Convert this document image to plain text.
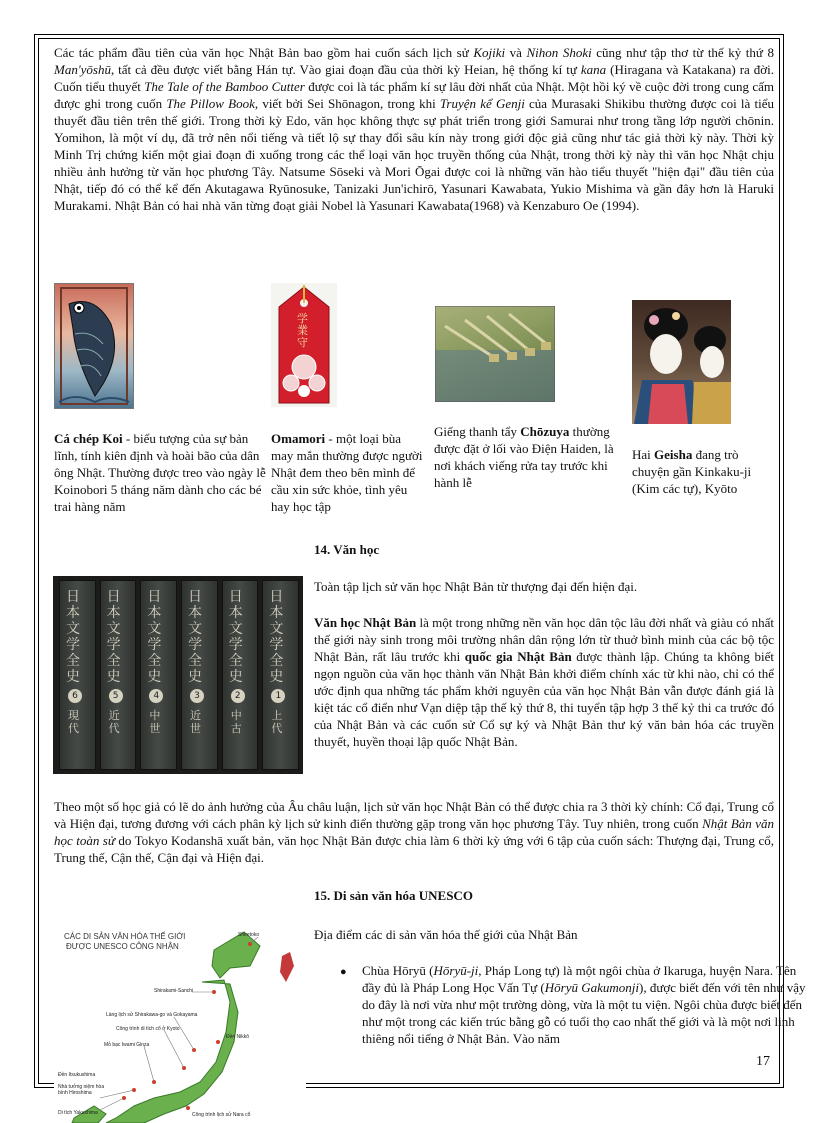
Các tác phẩm đầu tiên của văn học Nhật Bản bao gồm hai cuốn sách lịch sử Kojiki và Nihon Shoki cũng như tập thơ từ thế kỷ thứ 8 Man'yōshū, tất cả đều được viết bằng Hán tự. Vào giai đoạn đầu của thời kỳ Heian, hệ thống kí tự kana (Hiragana và Katakana) ra đời. Cuốn tiểu thuyết The Tale of the Bamboo Cutter được coi là tác phẩm kí sự lâu đời nhất của Nhật. Một hồi ký về cuộc đời trong cung cấm được ghi trong cuốn The Pillow Book, viết bởi Sei Shōnagon, trong khi Truyện kể Genji của Murasaki Shikibu thường được coi là tiểu thuyết đầu tiên trên thế giới. Trong thời kỳ Edo, văn học không thực sự phát triển trong giới Samurai như trong tầng lớp người chōnin. Yomihon, là một ví dụ, đã trở nên nổi tiếng và tiết lộ sự thay đổi sâu kín này trong giới độc giả cũng như tác giả thời kỳ này. Thời kỳ Minh Trị chứng kiến một giai đoạn đi xuống trong các thể loại văn học truyền thống của Nhật, trong thời kỳ này thì văn học Nhật chịu nhiều ảnh hưởng từ văn học phương Tây. Natsume Sōseki và Mori Ōgai được coi là những văn hào tiểu thuyết "hiện đại" đầu tiên của Nhật, tiếp đó có thể kể đến Akutagawa Ryūnosuke, Tanizaki Jun'ichirō, Yasunari Kawabata, Yukio Mishima và gần đây hơn là Haruki Murakami. Nhật Bản có hai nhà văn từng đoạt giải Nobel là Yasunari Kawabata(1968) và Kenzaburo Oe (1994).
学業守
Cá chép Koi - biểu tượng của sự bản lĩnh, tính kiên định và hoài bão của dân ông Nhật. Thường được treo vào ngày lễ Koinobori 5 tháng năm dành cho các bé trai hàng năm
Omamori - một loại bùa may mắn thường được người Nhật đem theo bên mình để cầu xin sức khỏe, tình yêu hay học tập
Giếng thanh tẩy Chōzuya thường được đặt ở lối vào Điện Haiden, là nơi khách viếng rửa tay trước khi hành lễ
Hai Geisha đang trò chuyện gần Kinkaku-ji (Kim các tự), Kyōto
14. Văn học
日本文学全史
6
現代
日本文学全史
5
近代
日本文学全史
4
中世
日本文学全史
3
近世
日本文学全史
2
中古
日本文学全史
1
上代
Toàn tập lịch sử văn học Nhật Bản từ thượng đại đến hiện đại.
Văn học Nhật Bản là một trong những nền văn học dân tộc lâu đời nhất và giàu có nhất thế giới này sinh trong môi trường nhân dân rộng lớn từ thuở bình minh của các bộ tộc Nhật Bản, rất lâu trước khi quốc gia Nhật Bản được thành lập. Chúng ta không biết ngọn nguồn của văn học thành văn Nhật Bản khởi điểm chính xác từ khi nào, chỉ có thể ước định qua những tác phẩm khởi nguyên của văn học Nhật Bản vẫn được đánh giá là kiệt tác cổ điển như Vạn diệp tập thế kỷ thứ 8, thi tuyển tập hợp 3 thế kỷ thi ca trước đó của Nhật Bản và các cuốn sử Cổ sự ký và Nhật Bản thư ký văn bản hóa các truyền thuyết, huyền thoại lập quốc Nhật Bản.
Theo một số học giả có lẽ do ảnh hưởng của Âu châu luận, lịch sử văn học Nhật Bản có thể được chia ra 3 thời kỳ chính: Cổ đại, Trung cổ và Hiện đại, tương đương với cách phân kỳ lịch sử kinh điển thường gặp trong văn học phương Tây. Tuy nhiên, trong cuốn Nhật Bản văn học toàn sử do Tokyo Kodanshā xuất bản, văn học Nhật Bản được chia làm 6 thời kỳ ứng với 6 tập của cuốn sách: Thượng đại, Trung cổ, Trung thế, Cận thế, Cận đại và Hiện đại.
15. Di sản văn hóa UNESCO
Địa điểm các di sản văn hóa thế giới của Nhật Bản
CÁC DI SẢN VĂN HÓA THẾ GIỚI
ĐƯỢC UNESCO CÔNG NHẬN
Shiretoko
Shirakami-Sanchi
Làng lịch sử Shirakawa-go và Gokayama
Công trình di tích cổ ở Kyoto
Mỏ bạc Iwami Ginza
Đền Itsukushima
Nhà tưởng niệm hòa bình Hiroshima
Đền Nikkō
Công trình lịch sử Nara cổ
Di tích Yakushima
● Chùa Hōryū (Hōryū-ji, Pháp Long tự) là một ngôi chùa ở Ikaruga, huyện Nara. Tên đầy đủ là Pháp Long Học Vấn Tự (Hōryū Gakumonji), được biết đến với tên như vậy do đây là nơi vừa như một trường dòng, vừa là một tu viện. Ngôi chùa được biết đến như một trong các kiến trúc bằng gỗ có tuổi thọ cao nhất thế giới và là một nơi linh thiêng nổi tiếng ở Nhật Bản. Vào năm
17
